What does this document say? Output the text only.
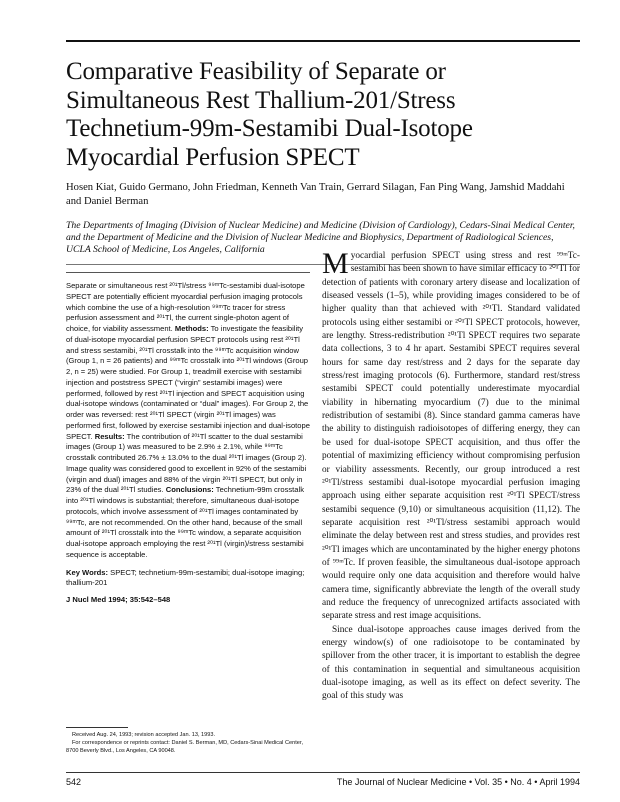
Comparative Feasibility of Separate or Simultaneous Rest Thallium-201/Stress Technetium-99m-Sestamibi Dual-Isotope Myocardial Perfusion SPECT
Hosen Kiat, Guido Germano, John Friedman, Kenneth Van Train, Gerrard Silagan, Fan Ping Wang, Jamshid Maddahi and Daniel Berman
The Departments of Imaging (Division of Nuclear Medicine) and Medicine (Division of Cardiology), Cedars-Sinai Medical Center, and the Department of Medicine and the Division of Nuclear Medicine and Biophysics, Department of Radiological Sciences, UCLA School of Medicine, Los Angeles, California

Separate or simultaneous rest ²⁰¹Tl/stress ⁹⁹ᵐTc-sestamibi dual-isotope SPECT are potentially efficient myocardial perfusion imaging protocols which combine the use of a high-resolution ⁹⁹ᵐTc tracer for stress perfusion assessment and ²⁰¹Tl, the current single-photon agent of choice, for viability assessment. Methods: To investigate the feasibility of dual-isotope myocardial perfusion SPECT protocols using rest ²⁰¹Tl and stress sestamibi, ²⁰¹Tl crosstalk into the ⁹⁹ᵐTc acquisition window (Group 1, n = 26 patients) and ⁹⁹ᵐTc crosstalk into ²⁰¹Tl windows (Group 2, n = 25) were studied. For Group 1, treadmill exercise with sestamibi injection and poststress SPECT (“virgin” sestamibi images) were performed, followed by rest ²⁰¹Tl injection and SPECT acquisition using dual-isotope windows (contaminated or “dual” images). For Group 2, the order was reversed: rest ²⁰¹Tl SPECT (virgin ²⁰¹Tl images) was performed first, followed by exercise sestamibi injection and dual-isotope SPECT. Results: The contribution of ²⁰¹Tl scatter to the dual sestamibi images (Group 1) was measured to be 2.9% ± 2.1%, while ⁹⁹ᵐTc crosstalk contributed 26.7% ± 13.0% to the dual ²⁰¹Tl images (Group 2). Image quality was considered good to excellent in 92% of the sestamibi (virgin and dual) images and 88% of the virgin ²⁰¹Tl SPECT, but only in 23% of the dual ²⁰¹Tl studies. Conclusions: Technetium-99m crosstalk into ²⁰¹Tl windows is substantial; therefore, simultaneous dual-isotope protocols, which involve assessment of ²⁰¹Tl images contaminated by ⁹⁹ᵐTc, are not recommended. On the other hand, because of the small amount of ²⁰¹Tl crosstalk into the ⁹⁹ᵐTc window, a separate acquisition dual-isotope approach employing the rest ²⁰¹Tl (virgin)/stress sestamibi sequence is acceptable.

Key Words: SPECT; technetium-99m-sestamibi; dual-isotope imaging; thallium-201

J Nucl Med 1994; 35:542–548

Received Aug. 24, 1993; revision accepted Jan. 13, 1993.

For correspondence or reprints contact: Daniel S. Berman, MD, Cedars-Sinai Medical Center, 8700 Beverly Blvd., Los Angeles, CA 90048.

Myocardial perfusion SPECT using stress and rest ⁹⁹ᵐTc-sestamibi has been shown to have similar efficacy to ²⁰¹Tl for detection of patients with coronary artery disease and localization of diseased vessels (1–5), while providing images considered to be of higher quality than that achieved with ²⁰¹Tl. Standard validated protocols using either sestamibi or ²⁰¹Tl SPECT protocols, however, are lengthy. Stress-redistribution ²⁰¹Tl SPECT requires two separate data collections, 3 to 4 hr apart. Sestamibi SPECT requires several hours for same day rest/stress and 2 days for the separate day stress/rest imaging protocols (6). Furthermore, standard rest/stress sestamibi SPECT could potentially underestimate myocardial viability in hibernating myocardium (7) due to the minimal redistribution of sestamibi (8). Since standard gamma cameras have the ability to distinguish radioisotopes of differing energy, they can be used for dual-isotope SPECT acquisition, and thus offer the potential of maximizing efficiency without compromising perfusion or viability assessments. Recently, our group introduced a rest ²⁰¹Tl/stress sestamibi dual-isotope myocardial perfusion imaging approach using either separate acquisition rest ²⁰¹Tl SPECT/stress sestamibi sequence (9,10) or simultaneous acquisition (11,12). The separate acquisition rest ²⁰¹Tl/stress sestamibi approach would eliminate the delay between rest and stress studies, and provides rest ²⁰¹Tl images which are uncontaminated by the higher energy photons of ⁹⁹ᵐTc. If proven feasible, the simultaneous dual-isotope approach would require only one data acquisition and therefore would halve camera time, significantly abbreviate the length of the overall study and reduce the frequency of unrecognized artifacts associated with separate stress and rest image acquisitions.

Since dual-isotope approaches cause images derived from the energy window(s) of one radioisotope to be contaminated by spillover from the other tracer, it is important to establish the degree of this contamination in sequential and simultaneous acquisition dual-isotope imaging, as well as its effect on defect severity. The goal of this study was

542	The Journal of Nuclear Medicine • Vol. 35 • No. 4 • April 1994
